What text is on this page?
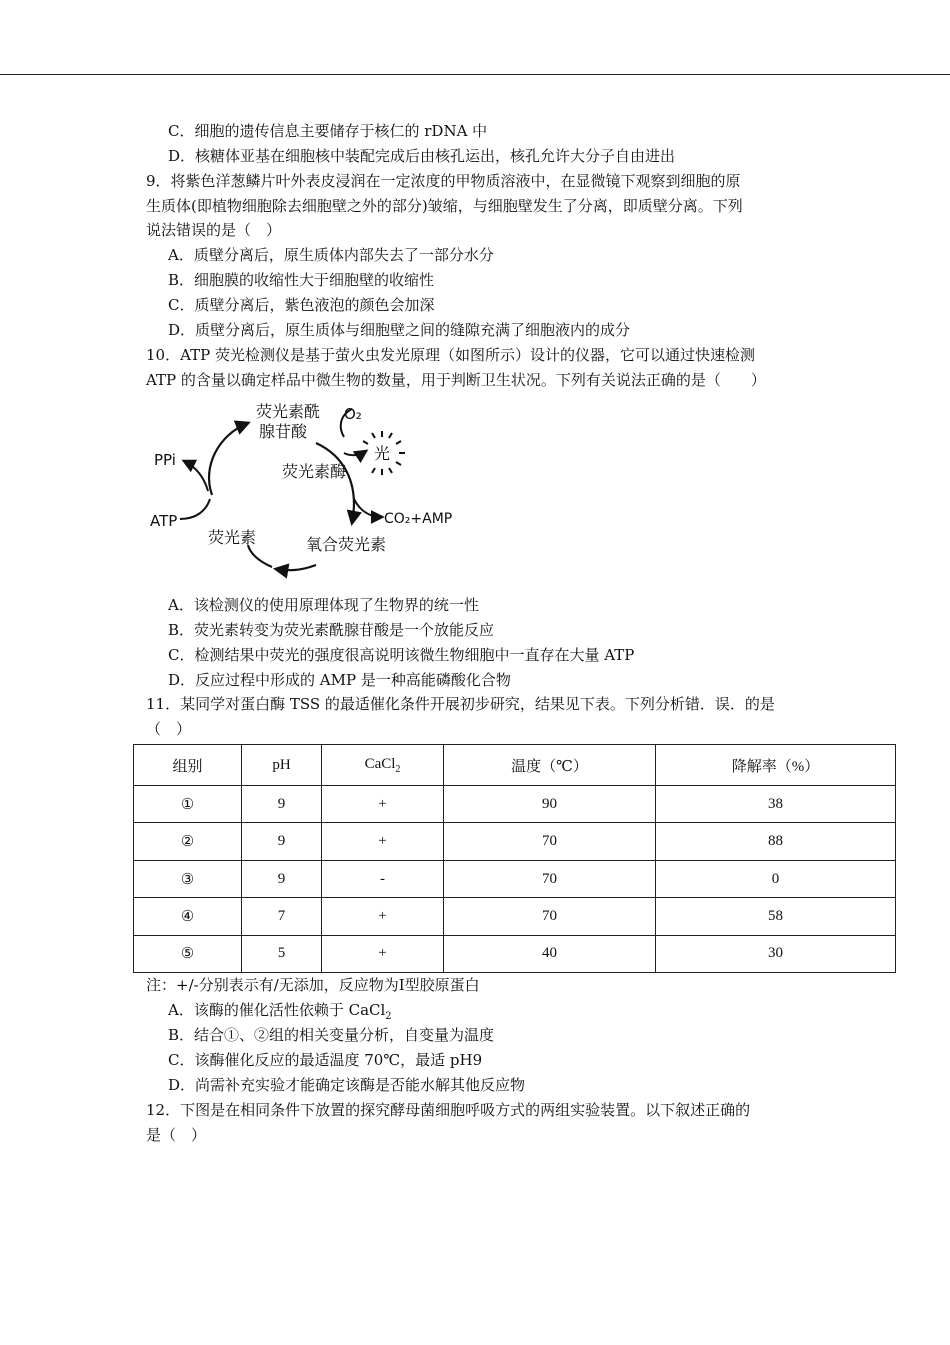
C．细胞的遗传信息主要储存于核仁的 rDNA 中
D．核糖体亚基在细胞核中装配完成后由核孔运出，核孔允许大分子自由进出
9．将紫色洋葱鳞片叶外表皮浸润在一定浓度的甲物质溶液中，在显微镜下观察到细胞的原
生质体(即植物细胞除去细胞壁之外的部分)皱缩，与细胞壁发生了分离，即质壁分离。下列
说法错误的是（　）
A．质壁分离后，原生质体内部失去了一部分水分
B．细胞膜的收缩性大于细胞壁的收缩性
C．质壁分离后，紫色液泡的颜色会加深
D．质壁分离后，原生质体与细胞壁之间的缝隙充满了细胞液内的成分
10．ATP 荧光检测仪是基于萤火虫发光原理（如图所示）设计的仪器，它可以通过快速检测
ATP 的含量以确定样品中微生物的数量，用于判断卫生状况。下列有关说法正确的是（　　）
荧光素酰
腺苷酸
O₂
荧光素酶
光
PPi
ATP
荧光素	氧合荧光素
CO₂+AMP
A．该检测仪的使用原理体现了生物界的统一性
B．荧光素转变为荧光素酰腺苷酸是一个放能反应
C．检测结果中荧光的强度很高说明该微生物细胞中一直存在大量 ATP
D．反应过程中形成的 AMP 是一种高能磷酸化合物
11．某同学对蛋白酶 TSS 的最适催化条件开展初步研究，结果见下表。下列分析错．误．的是
（　）
组别	pH	CaCl$_2$	温度（℃）	降解率（%）
①	9	+	90	38
②	9	+	70	88
③	9	-	70	0
④	7	+	70	58
⑤	5	+	40	30
注：+/-分别表示有/无添加，反应物为Ⅰ型胶原蛋白
A．该酶的催化活性依赖于 CaCl$_2$
B．结合①、②组的相关变量分析，自变量为温度
C．该酶催化反应的最适温度 70℃，最适 pH9
D．尚需补充实验才能确定该酶是否能水解其他反应物
12．下图是在相同条件下放置的探究酵母菌细胞呼吸方式的两组实验装置。以下叙述正确的
是（　）
